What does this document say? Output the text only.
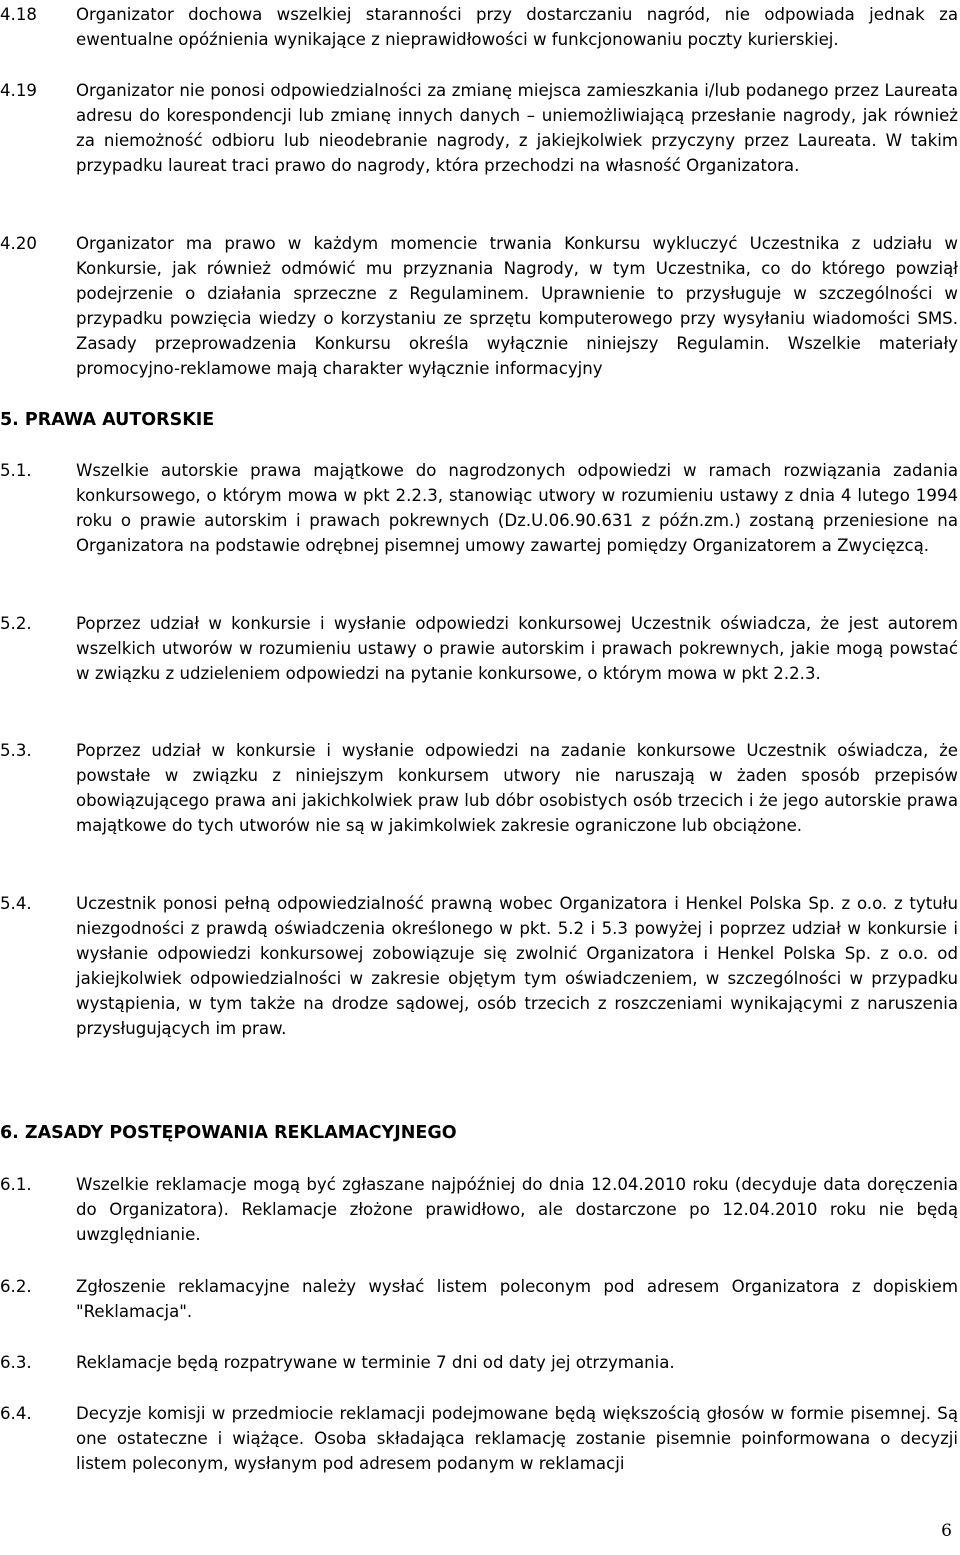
4.18	Organizator dochowa wszelkiej staranności przy dostarczaniu nagród, nie odpowiada jednak za ewentualne opóźnienia wynikające z nieprawidłowości w funkcjonowaniu poczty kurierskiej.
4.19	Organizator nie ponosi odpowiedzialności za zmianę miejsca zamieszkania i/lub podanego przez Laureata adresu do korespondencji lub zmianę innych danych – uniemożliwiającą przesłanie nagrody, jak również za niemożność odbioru lub nieodebranie nagrody, z jakiejkolwiek przyczyny przez Laureata. W takim przypadku laureat traci prawo do nagrody, która przechodzi na własność Organizatora.
4.20	Organizator ma prawo w każdym momencie trwania Konkursu wykluczyć Uczestnika z udziału w Konkursie, jak również odmówić mu przyznania Nagrody, w tym Uczestnika, co do którego powziął podejrzenie o działania sprzeczne z Regulaminem. Uprawnienie to przysługuje w szczególności w przypadku powzięcia wiedzy o korzystaniu ze sprzętu komputerowego przy wysyłaniu wiadomości SMS. Zasady przeprowadzenia Konkursu określa wyłącznie niniejszy Regulamin. Wszelkie materiały promocyjno-reklamowe mają charakter wyłącznie informacyjny
5. PRAWA AUTORSKIE
5.1.	Wszelkie autorskie prawa majątkowe do nagrodzonych odpowiedzi w ramach rozwiązania zadania konkursowego, o którym mowa w pkt 2.2.3, stanowiąc utwory w rozumieniu ustawy z dnia 4 lutego 1994 roku o prawie autorskim i prawach pokrewnych (Dz.U.06.90.631 z późn.zm.) zostaną przeniesione na Organizatora na podstawie odrębnej pisemnej umowy zawartej pomiędzy Organizatorem a Zwycięzcą.
5.2.	Poprzez udział w konkursie i wysłanie odpowiedzi konkursowej Uczestnik oświadcza, że jest autorem wszelkich utworów w rozumieniu ustawy o prawie autorskim i prawach pokrewnych, jakie mogą powstać w związku z udzieleniem odpowiedzi na pytanie konkursowe, o którym mowa w pkt 2.2.3.
5.3.	Poprzez udział w konkursie i wysłanie odpowiedzi na zadanie konkursowe Uczestnik oświadcza, że powstałe w związku z niniejszym konkursem utwory nie naruszają w żaden sposób przepisów obowiązującego prawa ani jakichkolwiek praw lub dóbr osobistych osób trzecich i że jego autorskie prawa majątkowe do tych utworów nie są w jakimkolwiek zakresie ograniczone lub obciążone.
5.4.	Uczestnik ponosi pełną odpowiedzialność prawną wobec Organizatora i Henkel Polska Sp. z o.o. z tytułu niezgodności z prawdą oświadczenia określonego w pkt. 5.2 i 5.3 powyżej i poprzez udział w konkursie i wysłanie odpowiedzi konkursowej zobowiązuje się zwolnić Organizatora i Henkel Polska Sp. z o.o. od jakiejkolwiek odpowiedzialności w zakresie objętym tym oświadczeniem, w szczególności w przypadku wystąpienia, w tym także na drodze sądowej, osób trzecich z roszczeniami wynikającymi z naruszenia przysługujących im praw.
6. ZASADY POSTĘPOWANIA REKLAMACYJNEGO
6.1.	Wszelkie reklamacje mogą być zgłaszane najpóźniej do dnia 12.04.2010 roku (decyduje data doręczenia do Organizatora). Reklamacje złożone prawidłowo, ale dostarczone po 12.04.2010 roku nie będą uwzględnianie.
6.2.	Zgłoszenie reklamacyjne należy wysłać listem poleconym pod adresem Organizatora z dopiskiem "Reklamacja".
6.3.	Reklamacje będą rozpatrywane w terminie 7 dni od daty jej otrzymania.
6.4.	Decyzje komisji w przedmiocie reklamacji podejmowane będą większością głosów w formie pisemnej. Są one ostateczne i wiążące. Osoba składająca reklamację zostanie pisemnie poinformowana o decyzji listem poleconym, wysłanym pod adresem podanym w reklamacji
6
